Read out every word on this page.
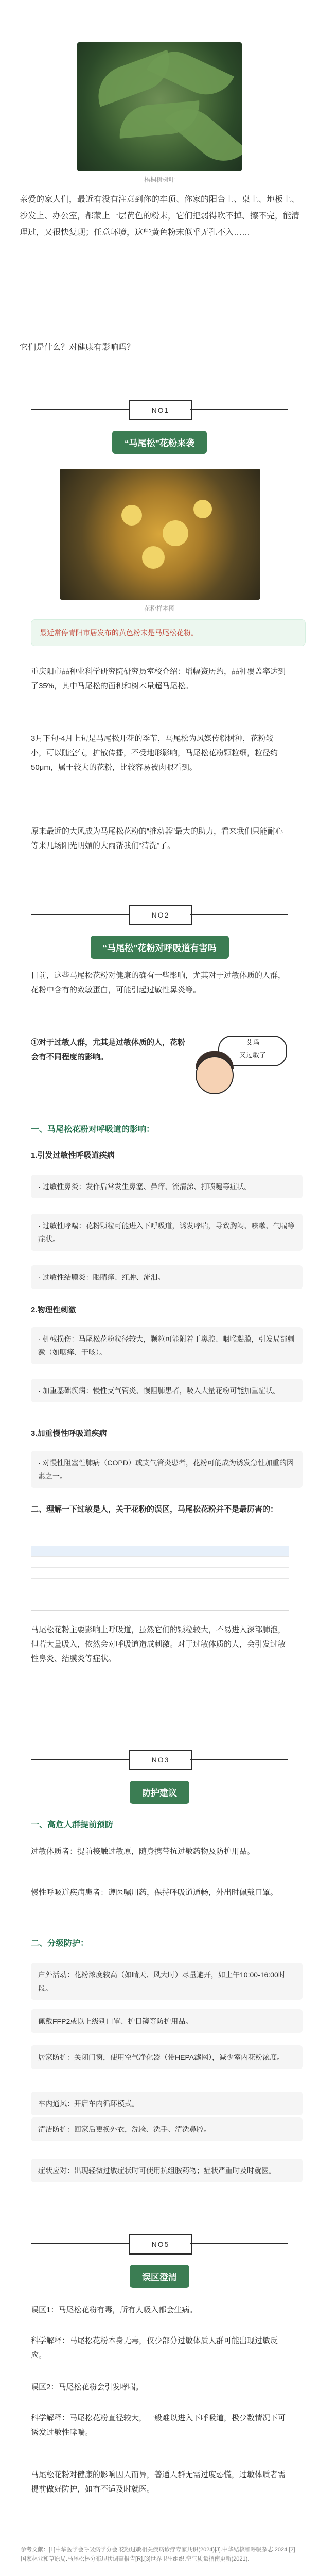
梧桐树树叶
亲爱的家人们，最近有没有注意到你的车顶、你家的阳台上、桌上、地板上、沙发上、办公室，都蒙上一层黄色的粉末，它们把弱得吹不掉、擦不完，能清理过，又很快复现；任意环境，这些黄色粉末似乎无孔不入……
它们是什么？对健康有影响吗？
NO1
“马尾松”花粉来袭
花粉样本图
最近常停青阳市居发布的黄色粉末是马尾松花粉。
重庆阳市品种业科学研究院研究员室校介绍：增幅资历约，品种覆盖率达到了35%，其中马尾松的面积和树木量超马尾松。
3月下旬-4月上旬是马尾松开花的季节，马尾松为风媒传粉树种，花粉较小，可以随空气，扩散传播，不受地形影响，马尾松花粉颗粒细，粒径约50μm，属于较大的花粉，比较容易被肉眼看到。
原来最近的大风成为马尾松花粉的“推动器”最大的助力，看来我们只能耐心等来几场阳光明媚的大雨帮我们“清洗”了。
NO2
“马尾松”花粉对呼吸道有害吗
目前，这些马尾松花粉对健康的确有一些影响，尤其对于过敏体质的人群，花粉中含有的致敏蛋白，可能引起过敏性鼻炎等。
①对于过敏人群，尤其是过敏体质的人，花粉会有不同程度的影响。
艾玛
又过敏了
一、马尾松花粉对呼吸道的影响：
1.引发过敏性呼吸道疾病
· 过敏性鼻炎：发作后常发生鼻塞、鼻痒、流清涕、打喷嚏等症状。
· 过敏性哮喘：花粉颗粒可能进入下呼吸道，诱发哮喘，导致胸闷、咳嗽、气喘等症状。
· 过敏性结膜炎：眼睛痒、红肿、流泪。
2.物理性刺激
· 机械损伤：马尾松花粉粒径较大，颗粒可能附着于鼻腔、咽喉黏膜，引发局部刺激（如咽痒、干咳）。
· 加重基础疾病：慢性支气管炎、慢阻肺患者，吸入大量花粉可能加重症状。
3.加重慢性呼吸道疾病
· 对慢性阻塞性肺病（COPD）或支气管炎患者，花粉可能成为诱发急性加重的因素之一。
二、理解一下过敏是人，关于花粉的误区，马尾松花粉并不是最厉害的：
马尾松花粉主要影响上呼吸道，虽然它们的颗粒较大，不易进入深部肺泡，但若大量吸入，依然会对呼吸道造成刺激。对于过敏体质的人，会引发过敏性鼻炎、结膜炎等症状。
NO3
防护建议
一、高危人群提前预防
过敏体质者：提前接触过敏原，随身携带抗过敏药物及防护用品。
慢性呼吸道疾病患者：遵医嘱用药，保持呼吸道通畅，外出时佩戴口罩。
二、分级防护：
户外活动：花粉浓度较高（如晴天、风大时）尽量避开，如上午10:00-16:00时段。
佩戴FFP2或以上级别口罩、护目镜等防护用品。
居家防护：关闭门窗，使用空气净化器（带HEPA滤网），减少室内花粉浓度。
车内通风：开启车内循环模式。
清洁防护：回家后更换外衣，洗脸、洗手、清洗鼻腔。
症状应对：出现轻微过敏症状时可使用抗组胺药物；症状严重时及时就医。
NO5
误区澄清
误区1：马尾松花粉有毒，所有人吸入都会生病。
科学解释：马尾松花粉本身无毒，仅少部分过敏体质人群可能出现过敏反应。
误区2：马尾松花粉会引发哮喘。
科学解释：马尾松花粉直径较大，一般难以进入下呼吸道，极少数情况下可诱发过敏性哮喘。
马尾松花粉对健康的影响因人而异，普通人群无需过度恐慌，过敏体质者需提前做好防护，如有不适及时就医。
参考文献：[1]中华医学会呼吸病学分会.花粉过敏相关疾病诊疗专家共识(2024)[J].中华结核和呼吸杂志,2024.[2]国家林业和草原局.马尾松林分布现状调查报告[R].[3]世界卫生组织.空气质量指南更新(2021).
